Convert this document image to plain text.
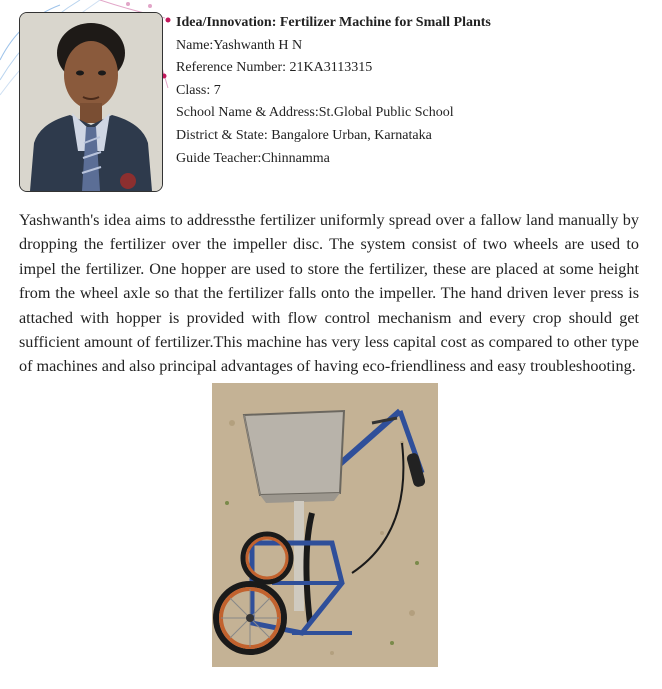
Idea/Innovation: Fertilizer Machine for Small Plants
Name:Yashwanth H N
Reference Number: 21KA3113315
Class: 7
School Name & Address:St.Global Public School
District & State: Bangalore Urban, Karnataka
Guide Teacher:Chinnamma

Yashwanth's idea aims to addressthe fertilizer uniformly spread over a fallow land manually by dropping the fertilizer over the impeller disc. The system consist of two wheels are used to impel the fertilizer. One hopper are used to store the fertilizer, these are placed at some height from the wheel axle so that the fertilizer falls onto the impeller. The hand driven lever press is attached with hopper is provided with flow control mechanism and every crop should get sufficient amount of fertilizer.This machine has very less capital cost as compared to other type of machines and also principal advantages of having eco-friendliness and easy troubleshooting.
